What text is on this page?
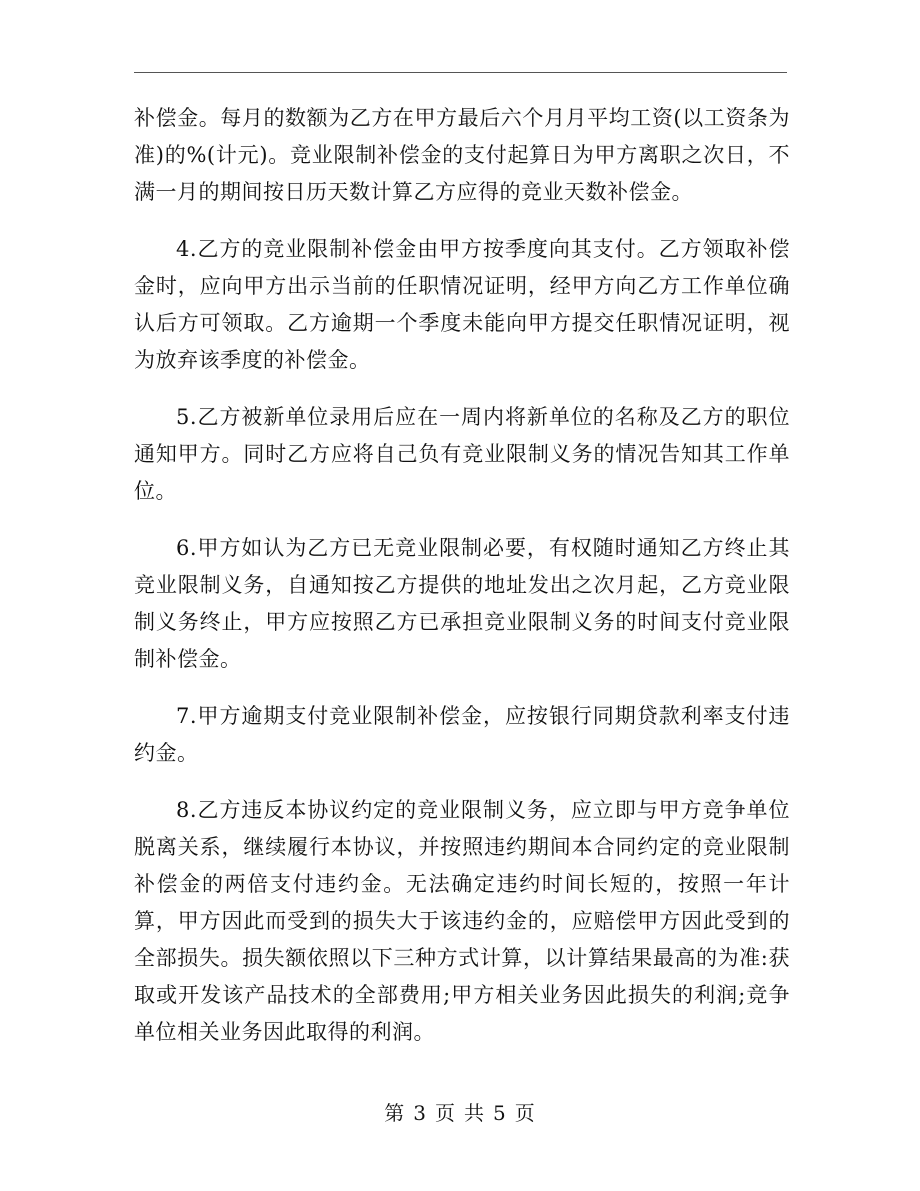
补偿金。每月的数额为乙方在甲方最后六个月月平均工资(以工资条为准)的%(计元)。竞业限制补偿金的支付起算日为甲方离职之次日，不满一月的期间按日历天数计算乙方应得的竞业天数补偿金。

4.乙方的竞业限制补偿金由甲方按季度向其支付。乙方领取补偿金时，应向甲方出示当前的任职情况证明，经甲方向乙方工作单位确认后方可领取。乙方逾期一个季度未能向甲方提交任职情况证明，视为放弃该季度的补偿金。

5.乙方被新单位录用后应在一周内将新单位的名称及乙方的职位通知甲方。同时乙方应将自己负有竞业限制义务的情况告知其工作单位。

6.甲方如认为乙方已无竞业限制必要，有权随时通知乙方终止其竞业限制义务，自通知按乙方提供的地址发出之次月起，乙方竞业限制义务终止，甲方应按照乙方已承担竞业限制义务的时间支付竞业限制补偿金。

7.甲方逾期支付竞业限制补偿金，应按银行同期贷款利率支付违约金。

8.乙方违反本协议约定的竞业限制义务，应立即与甲方竞争单位脱离关系，继续履行本协议，并按照违约期间本合同约定的竞业限制补偿金的两倍支付违约金。无法确定违约时间长短的，按照一年计算，甲方因此而受到的损失大于该违约金的，应赔偿甲方因此受到的全部损失。损失额依照以下三种方式计算，以计算结果最高的为准:获取或开发该产品技术的全部费用;甲方相关业务因此损失的利润;竞争单位相关业务因此取得的利润。

第 3 页 共 5 页
